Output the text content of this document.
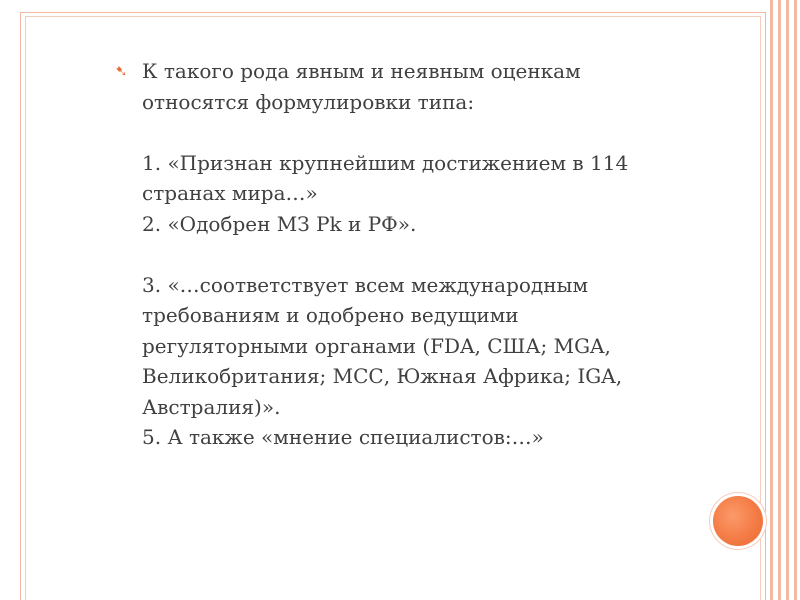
➷ К такого рода явным и неявным оценкам
относятся формулировки типа:
1. «Признан крупнейшим достижением в 114
странах мира…»
2. «Одобрен МЗ Рk и РФ».
3. «…соответствует всем международным
требованиям и одобрено ведущими
регуляторными органами (FDA, США; MGA,
Великобритания; МСС, Южная Африка; IGA,
Австралия)».
5. А также «мнение специалистов:…»
